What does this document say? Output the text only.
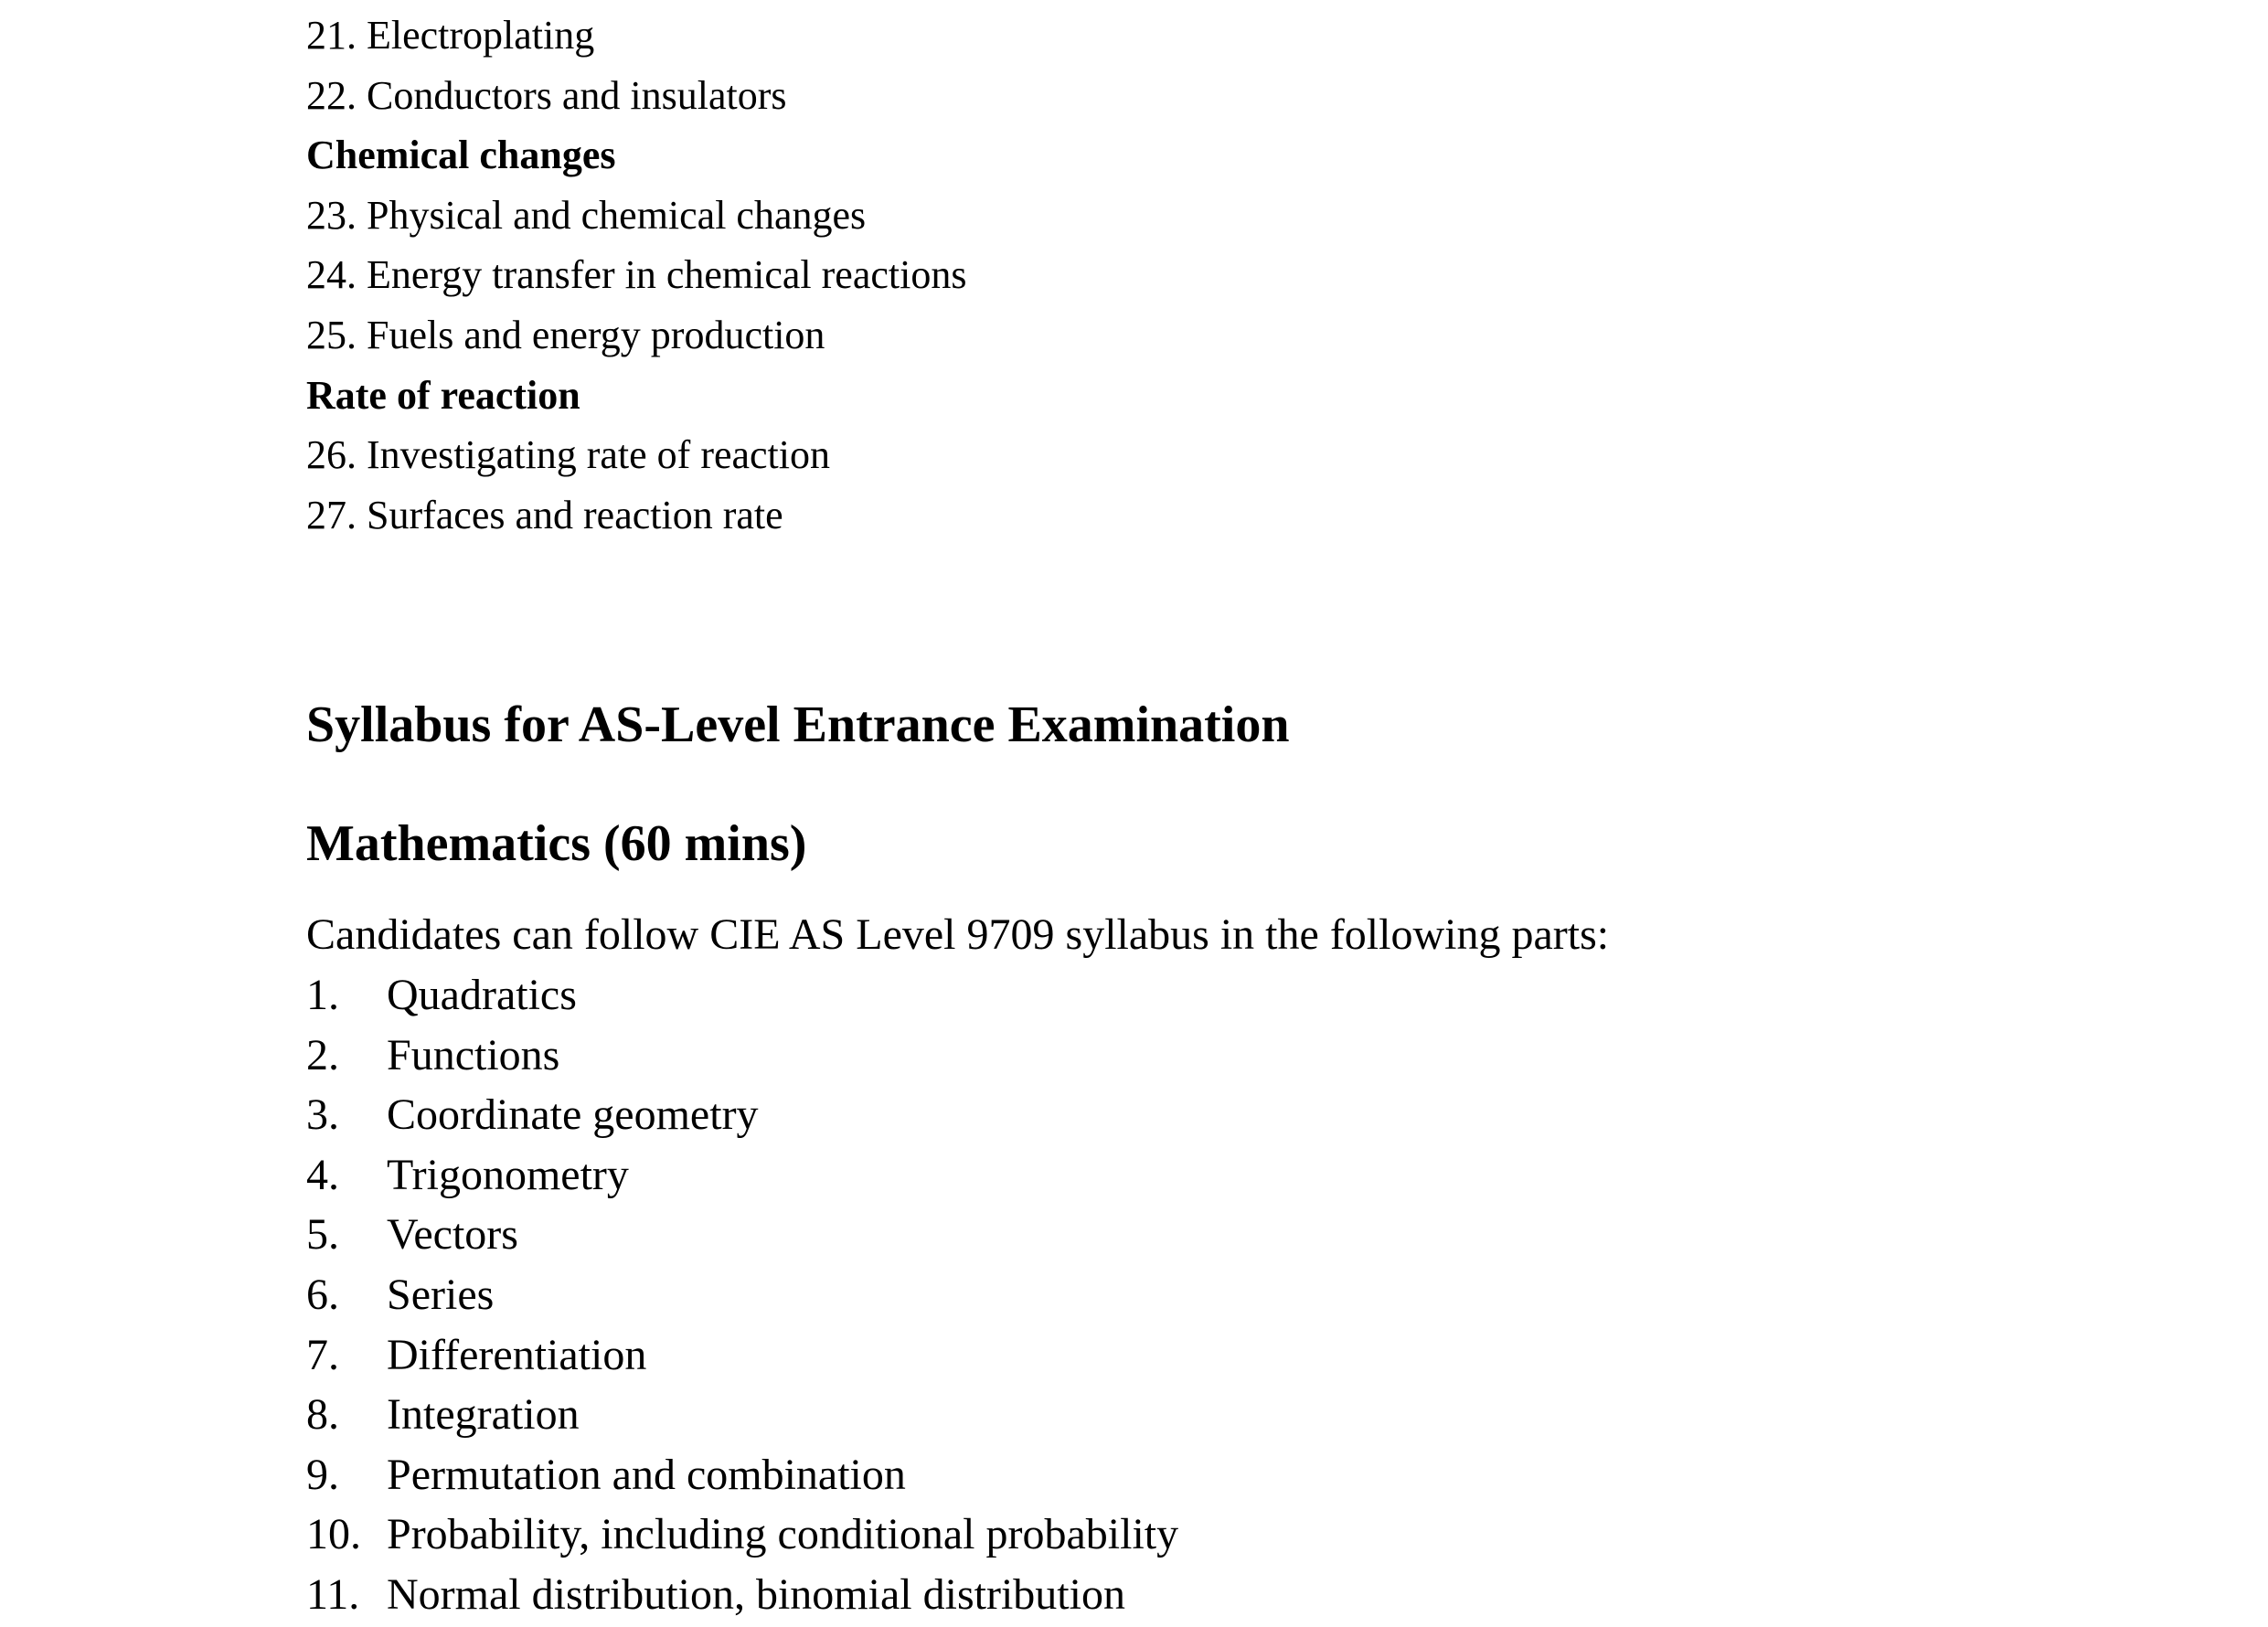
21. Electroplating
22. Conductors and insulators
Chemical changes
23. Physical and chemical changes
24. Energy transfer in chemical reactions
25. Fuels and energy production
Rate of reaction
26. Investigating rate of reaction
27. Surfaces and reaction rate
Syllabus for AS-Level Entrance Examination
Mathematics (60 mins)
Candidates can follow CIE AS Level 9709 syllabus in the following parts:
1. Quadratics
2. Functions
3. Coordinate geometry
4. Trigonometry
5. Vectors
6. Series
7. Differentiation
8. Integration
9. Permutation and combination
10. Probability, including conditional probability
11. Normal distribution, binomial distribution
